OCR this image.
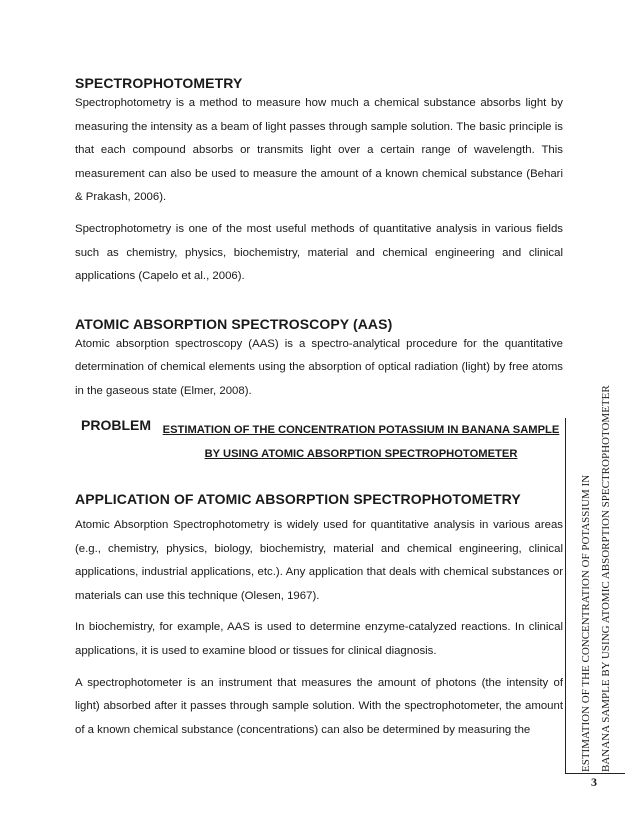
SPECTROPHOTOMETRY

Spectrophotometry is a method to measure how much a chemical substance absorbs light by measuring the intensity as a beam of light passes through sample solution. The basic principle is that each compound absorbs or transmits light over a certain range of wavelength. This measurement can also be used to measure the amount of a known chemical substance (Behari & Prakash, 2006).

Spectrophotometry is one of the most useful methods of quantitative analysis in various fields such as chemistry, physics, biochemistry, material and chemical engineering and clinical applications (Capelo et al., 2006).

ATOMIC ABSORPTION SPECTROSCOPY (AAS)

Atomic absorption spectroscopy (AAS) is a spectro-analytical procedure for the quantitative determination of chemical elements using the absorption of optical radiation (light) by free atoms in the gaseous state (Elmer, 2008).

PROBLEM	ESTIMATION OF THE CONCENTRATION POTASSIUM IN BANANA SAMPLE BY USING ATOMIC ABSORPTION SPECTROPHOTOMETER
APPLICATION OF ATOMIC ABSORPTION SPECTROPHOTOMETRY

Atomic Absorption Spectrophotometry is widely used for quantitative analysis in various areas (e.g., chemistry, physics, biology, biochemistry, material and chemical engineering, clinical applications, industrial applications, etc.). Any application that deals with chemical substances or materials can use this technique (Olesen, 1967).

In biochemistry, for example, AAS is used to determine enzyme-catalyzed reactions. In clinical applications, it is used to examine blood or tissues for clinical diagnosis.

A spectrophotometer is an instrument that measures the amount of photons (the intensity of light) absorbed after it passes through sample solution. With the spectrophotometer, the amount of a known chemical substance (concentrations) can also be determined by measuring the	ESTIMATION OF THE CONCENTRATION OF POTASSIUM IN BANANA SAMPLE BY USING ATOMIC ABSORPTION SPECTROPHOTOMETER
3
